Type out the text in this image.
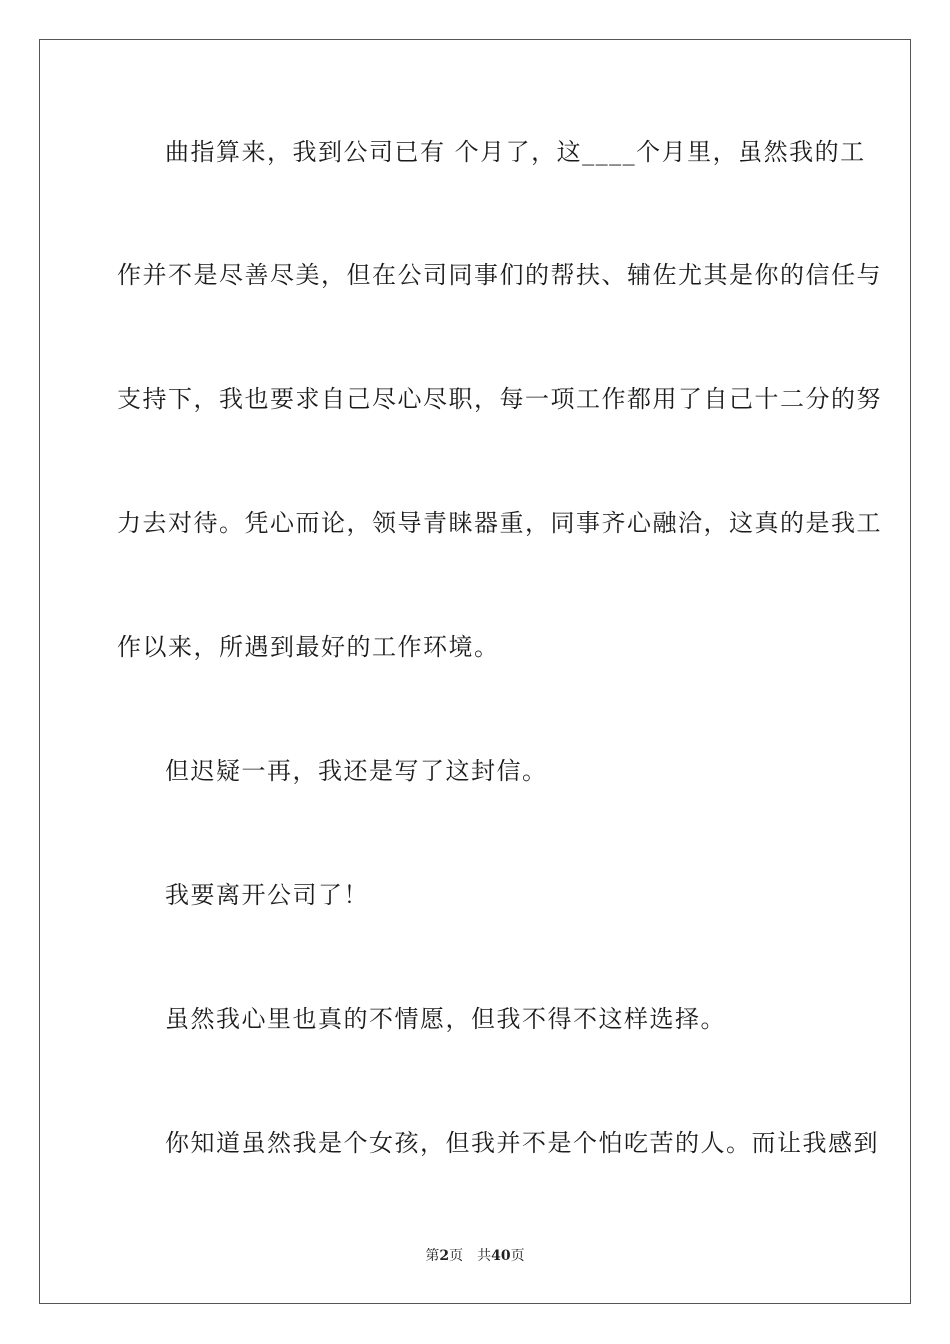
曲指算来，我到公司已有 个月了，这____个月里，虽然我的工
作并不是尽善尽美，但在公司同事们的帮扶、辅佐尤其是你的信任与
支持下，我也要求自己尽心尽职，每一项工作都用了自己十二分的努
力去对待。凭心而论，领导青睐器重，同事齐心融洽，这真的是我工
作以来，所遇到最好的工作环境。
但迟疑一再，我还是写了这封信。
我要离开公司了！
虽然我心里也真的不情愿，但我不得不这样选择。
你知道虽然我是个女孩，但我并不是个怕吃苦的人。而让我感到
第2页 共40页
